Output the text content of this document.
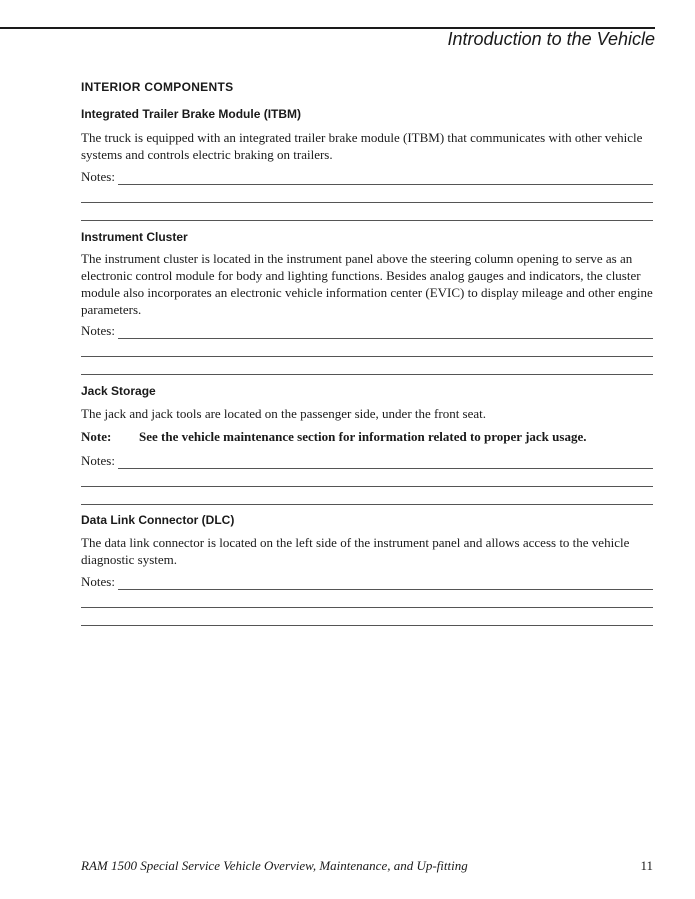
Introduction to the Vehicle
INTERIOR COMPONENTS
Integrated Trailer Brake Module (ITBM)
The truck is equipped with an integrated trailer brake module (ITBM) that communicates with other vehicle systems and controls electric braking on trailers.
Notes:
Instrument Cluster
The instrument cluster is located in the instrument panel above the steering column opening to serve as an electronic control module for body and lighting functions. Besides analog gauges and indicators, the cluster module also incorporates an electronic vehicle information center (EVIC) to display mileage and other engine parameters.
Notes:
Jack Storage
The jack and jack tools are located on the passenger side, under the front seat.
Note:	See the vehicle maintenance section for information related to proper jack usage.
Notes:
Data Link Connector (DLC)
The data link connector is located on the left side of the instrument panel and allows access to the vehicle diagnostic system.
Notes:
RAM 1500 Special Service Vehicle Overview, Maintenance, and Up-fitting	11
